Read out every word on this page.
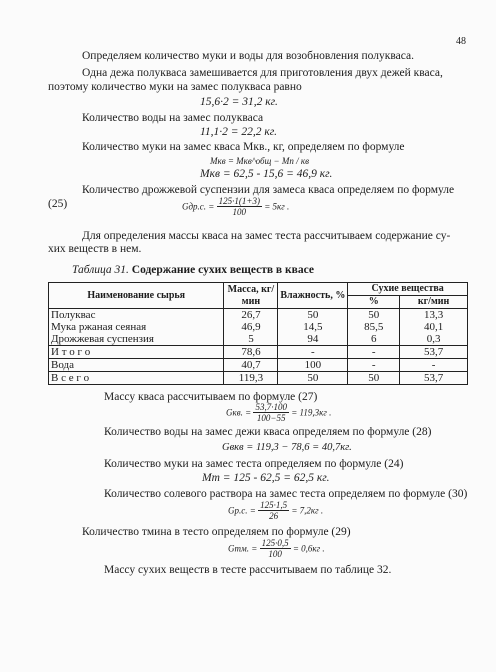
48
Определяем количество муки и воды для возобновления полукваса.
Одна дежа полукваса замешивается для приготовления двух дежей кваса,
поэтому количество муки на замес полукваса равно
15,6·2 = 31,2 кг.
Количество воды на замес полукваса
11,1·2 = 22,2 кг.
Количество муки на замес кваса Мкв., кг, определяем по формуле
Мкв = Мкв^общ − Мп / кв
Мкв = 62,5 - 15,6 = 46,9 кг.
Количество дрожжевой суспензии для замеса кваса определяем по формуле
(25)	Gдр.с. = $\frac{125\cdot 1(1+3)}{100} = 5кг$ .
Для определения массы кваса на замес теста рассчитываем содержание су-
хих веществ в нем.
Таблица 31. Содержание сухих веществ в квасе
Наименование сырья	Масса, кг/мин	Влажность, %	Сухие вещества	
			%	кг/мин
Полуквас	26,7	50	50	13,3
Мука ржаная сеяная	46,9	14,5	85,5	40,1
Дрожжевая суспензия	5	94	6	0,3
И т о г о	78,6	-	-	53,7
Вода	40,7	100	-	-
В с е г о	119,3	50	50	53,7
Массу кваса рассчитываем по формуле (27)
Gкв. = $\frac{53,7\cdot 100}{100-55} = 119,3кг$ .
Количество воды на замес дежи кваса определяем по формуле (28)
Gвкв = 119,3 − 78,6 = 40,7кг.
Количество муки на замес теста определяем по формуле (24)
Мт = 125 - 62,5 = 62,5 кг.
Количество солевого раствора на замес теста определяем по формуле (30)
Gр.с. = $\frac{125\cdot 1,5}{26} = 7,2кг$ .
Количество тмина в тесто определяем по формуле (29)
Gтм. = $\frac{125\cdot 0,5}{100} = 0,6кг$ .
Массу сухих веществ в тесте рассчитываем по таблице 32.
